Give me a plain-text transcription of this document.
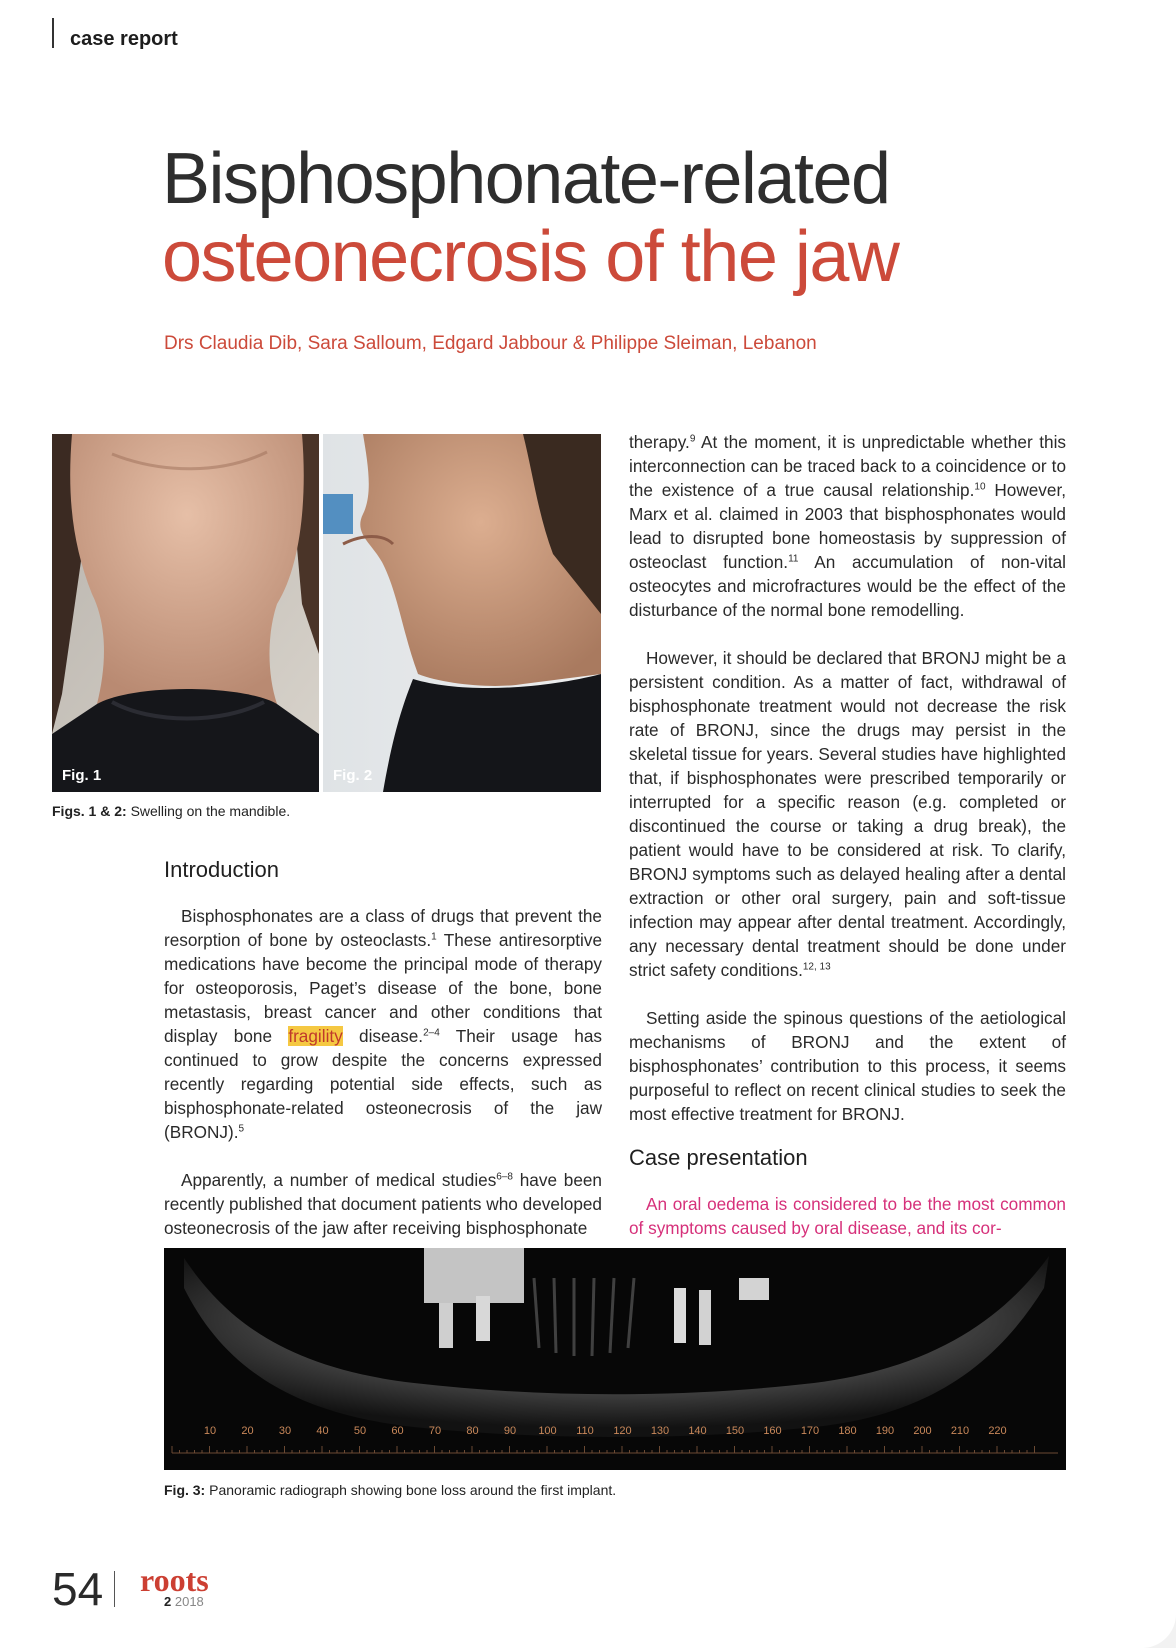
case report
Bisphosphonate-related
osteonecrosis of the jaw
Drs Claudia Dib, Sara Salloum, Edgard Jabbour & Philippe Sleiman, Lebanon
Fig. 1	Fig. 2
Figs. 1 & 2: Swelling on the mandible.
Introduction

Bisphosphonates are a class of drugs that prevent the resorption of bone by osteoclasts.$^1$ These antiresorptive medications have become the principal mode of therapy for osteoporosis, Paget’s disease of the bone, bone metastasis, breast cancer and other conditions that display bone fragility disease.$^{2-4}$ Their usage has continued to grow despite the concerns expressed recently regarding potential side effects, such as bisphosphonate-related osteonecrosis of the jaw (BRONJ).$^5$

Apparently, a number of medical studies$^{6-8}$ have been recently published that document patients who developed osteonecrosis of the jaw after receiving bisphosphonate

therapy.$^9$ At the moment, it is unpredictable whether this interconnection can be traced back to a coincidence or to the existence of a true causal relationship.$^{10}$ However, Marx et al. claimed in 2003 that bisphosphonates would lead to disrupted bone homeostasis by suppression of osteoclast function.$^{11}$ An accumulation of non-vital osteocytes and microfractures would be the effect of the disturbance of the normal bone remodelling.

However, it should be declared that BRONJ might be a persistent condition. As a matter of fact, withdrawal of bisphosphonate treatment would not decrease the risk rate of BRONJ, since the drugs may persist in the skeletal tissue for years. Several studies have highlighted that, if bisphosphonates were prescribed temporarily or interrupted for a specific reason (e.g. completed or discontinued the course or taking a drug break), the patient would have to be considered at risk. To clarify, BRONJ symptoms such as delayed healing after a dental extraction or other oral surgery, pain and soft-tissue infection may appear after dental treatment. Accordingly, any necessary dental treatment should be done under strict safety conditions.$^{12, 13}$

Setting aside the spinous questions of the aetiological mechanisms of BRONJ and the extent of bisphosphonates’ contribution to this process, it seems purposeful to reflect on recent clinical studies to seek the most effective treatment for BRONJ.

Case presentation

An oral oedema is considered to be the most common of symptoms caused by oral disease, and its cor-

10 20 30 40 50 60 70 80 90 100 110 120 130 140 150 160 170 180 190 200 210 220
Fig. 3: Panoramic radiograph showing bone loss around the first implant.
54 roots
2 2018
